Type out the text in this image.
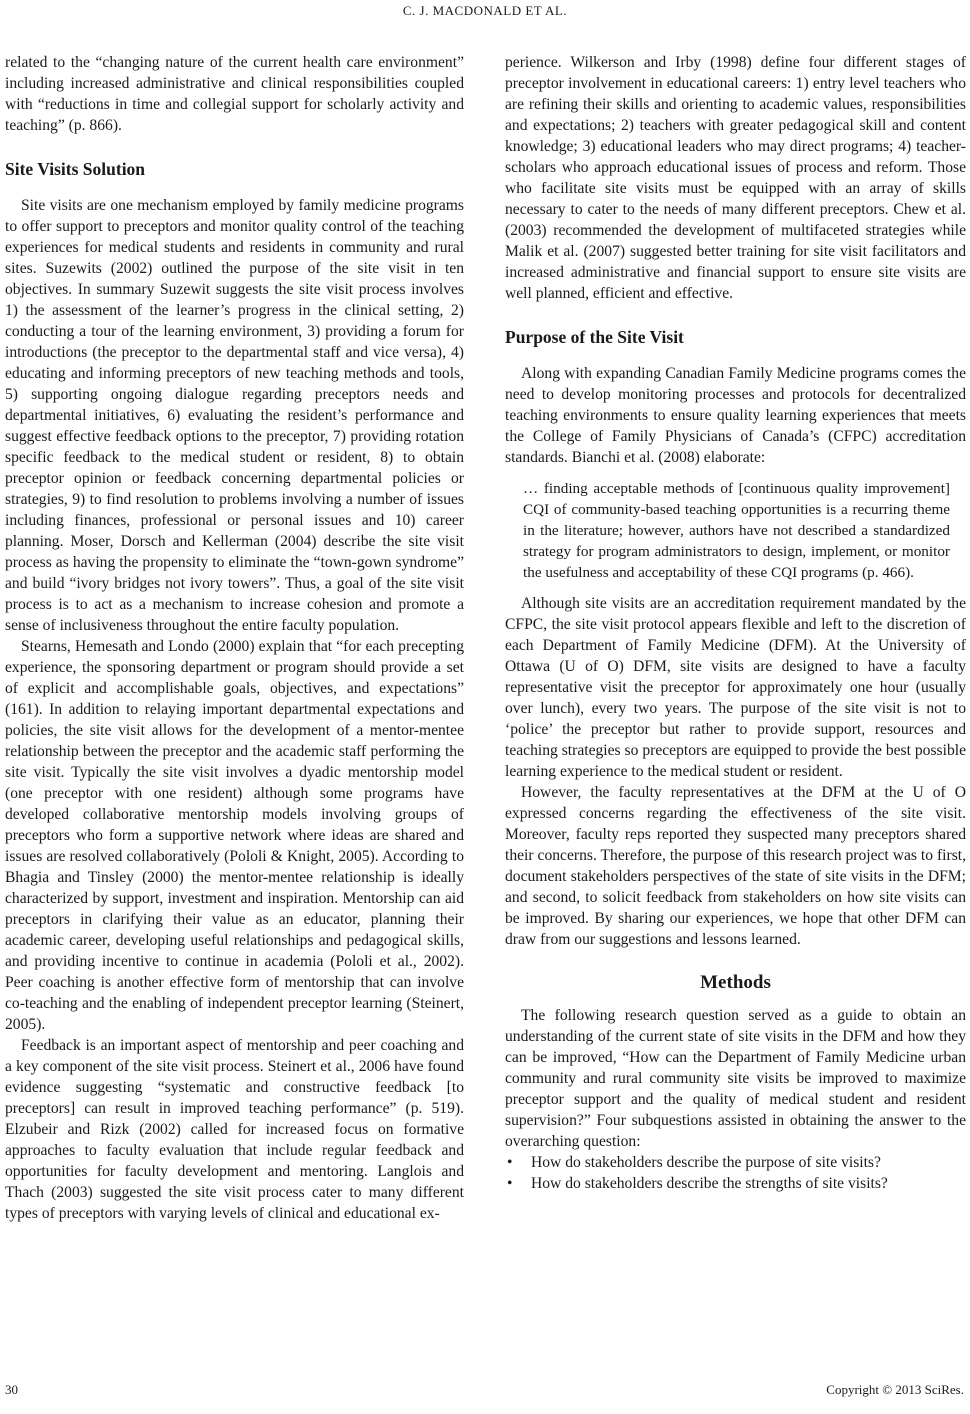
C. J. MACDONALD ET AL.

related to the “changing nature of the current health care environment” including increased administrative and clinical responsibilities coupled with “reductions in time and collegial support for scholarly activity and teaching” (p. 866).

Site Visits Solution

Site visits are one mechanism employed by family medicine programs to offer support to preceptors and monitor quality control of the teaching experiences for medical students and residents in community and rural sites. Suzewits (2002) outlined the purpose of the site visit in ten objectives. In summary Suzewit suggests the site visit process involves 1) the assessment of the learner’s progress in the clinical setting, 2) conducting a tour of the learning environment, 3) providing a forum for introductions (the preceptor to the departmental staff and vice versa), 4) educating and informing preceptors of new teaching methods and tools, 5) supporting ongoing dialogue regarding preceptors needs and departmental initiatives, 6) evaluating the resident’s performance and suggest effective feedback options to the preceptor, 7) providing rotation specific feedback to the medical student or resident, 8) to obtain preceptor opinion or feedback concerning departmental policies or strategies, 9) to find resolution to problems involving a number of issues including finances, professional or personal issues and 10) career planning. Moser, Dorsch and Kellerman (2004) describe the site visit process as having the propensity to eliminate the “town-gown syndrome” and build “ivory bridges not ivory towers”. Thus, a goal of the site visit process is to act as a mechanism to increase cohesion and promote a sense of inclusiveness throughout the entire faculty population.

Stearns, Hemesath and Londo (2000) explain that “for each precepting experience, the sponsoring department or program should provide a set of explicit and accomplishable goals, objectives, and expectations” (161). In addition to relaying important departmental expectations and policies, the site visit allows for the development of a mentor-mentee relationship between the preceptor and the academic staff performing the site visit. Typically the site visit involves a dyadic mentorship model (one preceptor with one resident) although some programs have developed collaborative mentorship models involving groups of preceptors who form a supportive network where ideas are shared and issues are resolved collaboratively (Pololi & Knight, 2005). According to Bhagia and Tinsley (2000) the mentor-mentee relationship is ideally characterized by support, investment and inspiration. Mentorship can aid preceptors in clarifying their value as an educator, planning their academic career, developing useful relationships and pedagogical skills, and providing incentive to continue in academia (Pololi et al., 2002). Peer coaching is another effective form of mentorship that can involve co-teaching and the enabling of independent preceptor learning (Steinert, 2005).

Feedback is an important aspect of mentorship and peer coaching and a key component of the site visit process. Steinert et al., 2006 have found evidence suggesting “systematic and constructive feedback [to preceptors] can result in improved teaching performance” (p. 519). Elzubeir and Rizk (2002) called for increased focus on formative approaches to faculty evaluation that include regular feedback and opportunities for faculty development and mentoring. Langlois and Thach (2003) suggested the site visit process cater to many different types of preceptors with varying levels of clinical and educational ex-

perience. Wilkerson and Irby (1998) define four different stages of preceptor involvement in educational careers: 1) entry level teachers who are refining their skills and orienting to academic values, responsibilities and expectations; 2) teachers with greater pedagogical skill and content knowledge; 3) educational leaders who may direct programs; 4) teacher-scholars who approach educational issues of process and reform. Those who facilitate site visits must be equipped with an array of skills necessary to cater to the needs of many different preceptors. Chew et al. (2003) recommended the development of multifaceted strategies while Malik et al. (2007) suggested better training for site visit facilitators and increased administrative and financial support to ensure site visits are well planned, efficient and effective.

Purpose of the Site Visit

Along with expanding Canadian Family Medicine programs comes the need to develop monitoring processes and protocols for decentralized teaching environments to ensure quality learning experiences that meets the College of Family Physicians of Canada’s (CFPC) accreditation standards. Bianchi et al. (2008) elaborate:

… finding acceptable methods of [continuous quality improvement] CQI of community-based teaching opportunities is a recurring theme in the literature; however, authors have not described a standardized strategy for program administrators to design, implement, or monitor the usefulness and acceptability of these CQI programs (p. 466).

Although site visits are an accreditation requirement mandated by the CFPC, the site visit protocol appears flexible and left to the discretion of each Department of Family Medicine (DFM). At the University of Ottawa (U of O) DFM, site visits are designed to have a faculty representative visit the preceptor for approximately one hour (usually over lunch), every two years. The purpose of the site visit is not to ‘police’ the preceptor but rather to provide support, resources and teaching strategies so preceptors are equipped to provide the best possible learning experience to the medical student or resident.

However, the faculty representatives at the DFM at the U of O expressed concerns regarding the effectiveness of the site visit. Moreover, faculty reps reported they suspected many preceptors shared their concerns. Therefore, the purpose of this research project was to first, document stakeholders perspectives of the state of site visits in the DFM; and second, to solicit feedback from stakeholders on how site visits can be improved. By sharing our experiences, we hope that other DFM can draw from our suggestions and lessons learned.

Methods

The following research question served as a guide to obtain an understanding of the current state of site visits in the DFM and how they can be improved, “How can the Department of Family Medicine urban community and rural community site visits be improved to maximize preceptor support and the quality of medical student and resident supervision?” Four subquestions assisted in obtaining the answer to the overarching question:

• How do stakeholders describe the purpose of site visits?
• How do stakeholders describe the strengths of site visits?
30	Copyright © 2013 SciRes.
